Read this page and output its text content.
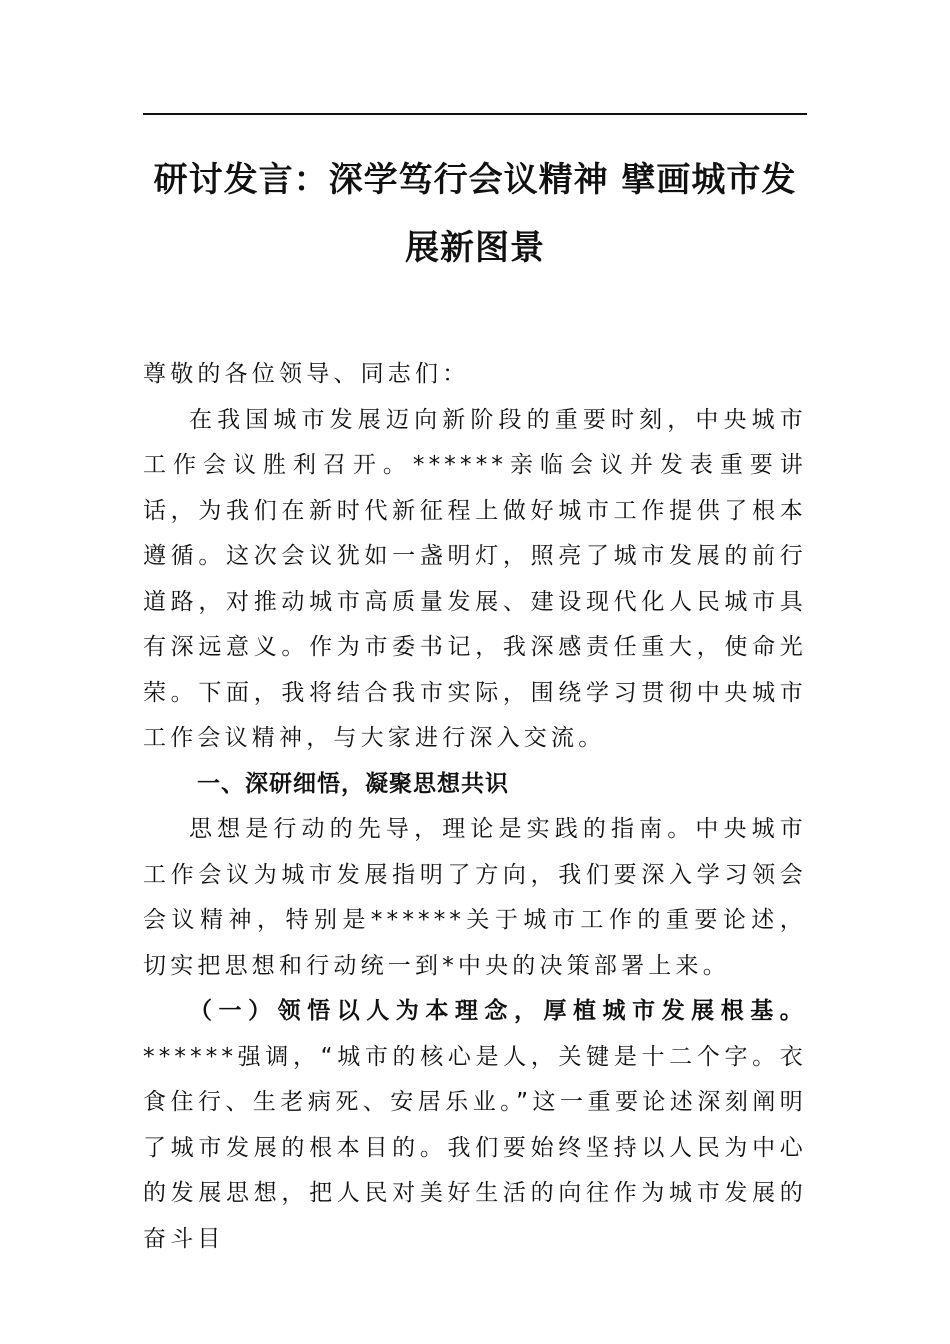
研讨发言：深学笃行会议精神 擘画城市发
展新图景

尊敬的各位领导、同志们：

在我国城市发展迈向新阶段的重要时刻，中央城市工作会议胜利召开。******亲临会议并发表重要讲话，为我们在新时代新征程上做好城市工作提供了根本遵循。这次会议犹如一盏明灯，照亮了城市发展的前行道路，对推动城市高质量发展、建设现代化人民城市具有深远意义。作为市委书记，我深感责任重大，使命光荣。下面，我将结合我市实际，围绕学习贯彻中央城市工作会议精神，与大家进行深入交流。

一、深研细悟，凝聚思想共识

思想是行动的先导，理论是实践的指南。中央城市工作会议为城市发展指明了方向，我们要深入学习领会会议精神，特别是******关于城市工作的重要论述，切实把思想和行动统一到*中央的决策部署上来。

（一）领悟以人为本理念，厚植城市发展根基。******强调，“城市的核心是人，关键是十二个字。衣食住行、生老病死、安居乐业。”这一重要论述深刻阐明了城市发展的根本目的。我们要始终坚持以人民为中心的发展思想，把人民对美好生活的向往作为城市发展的奋斗目
